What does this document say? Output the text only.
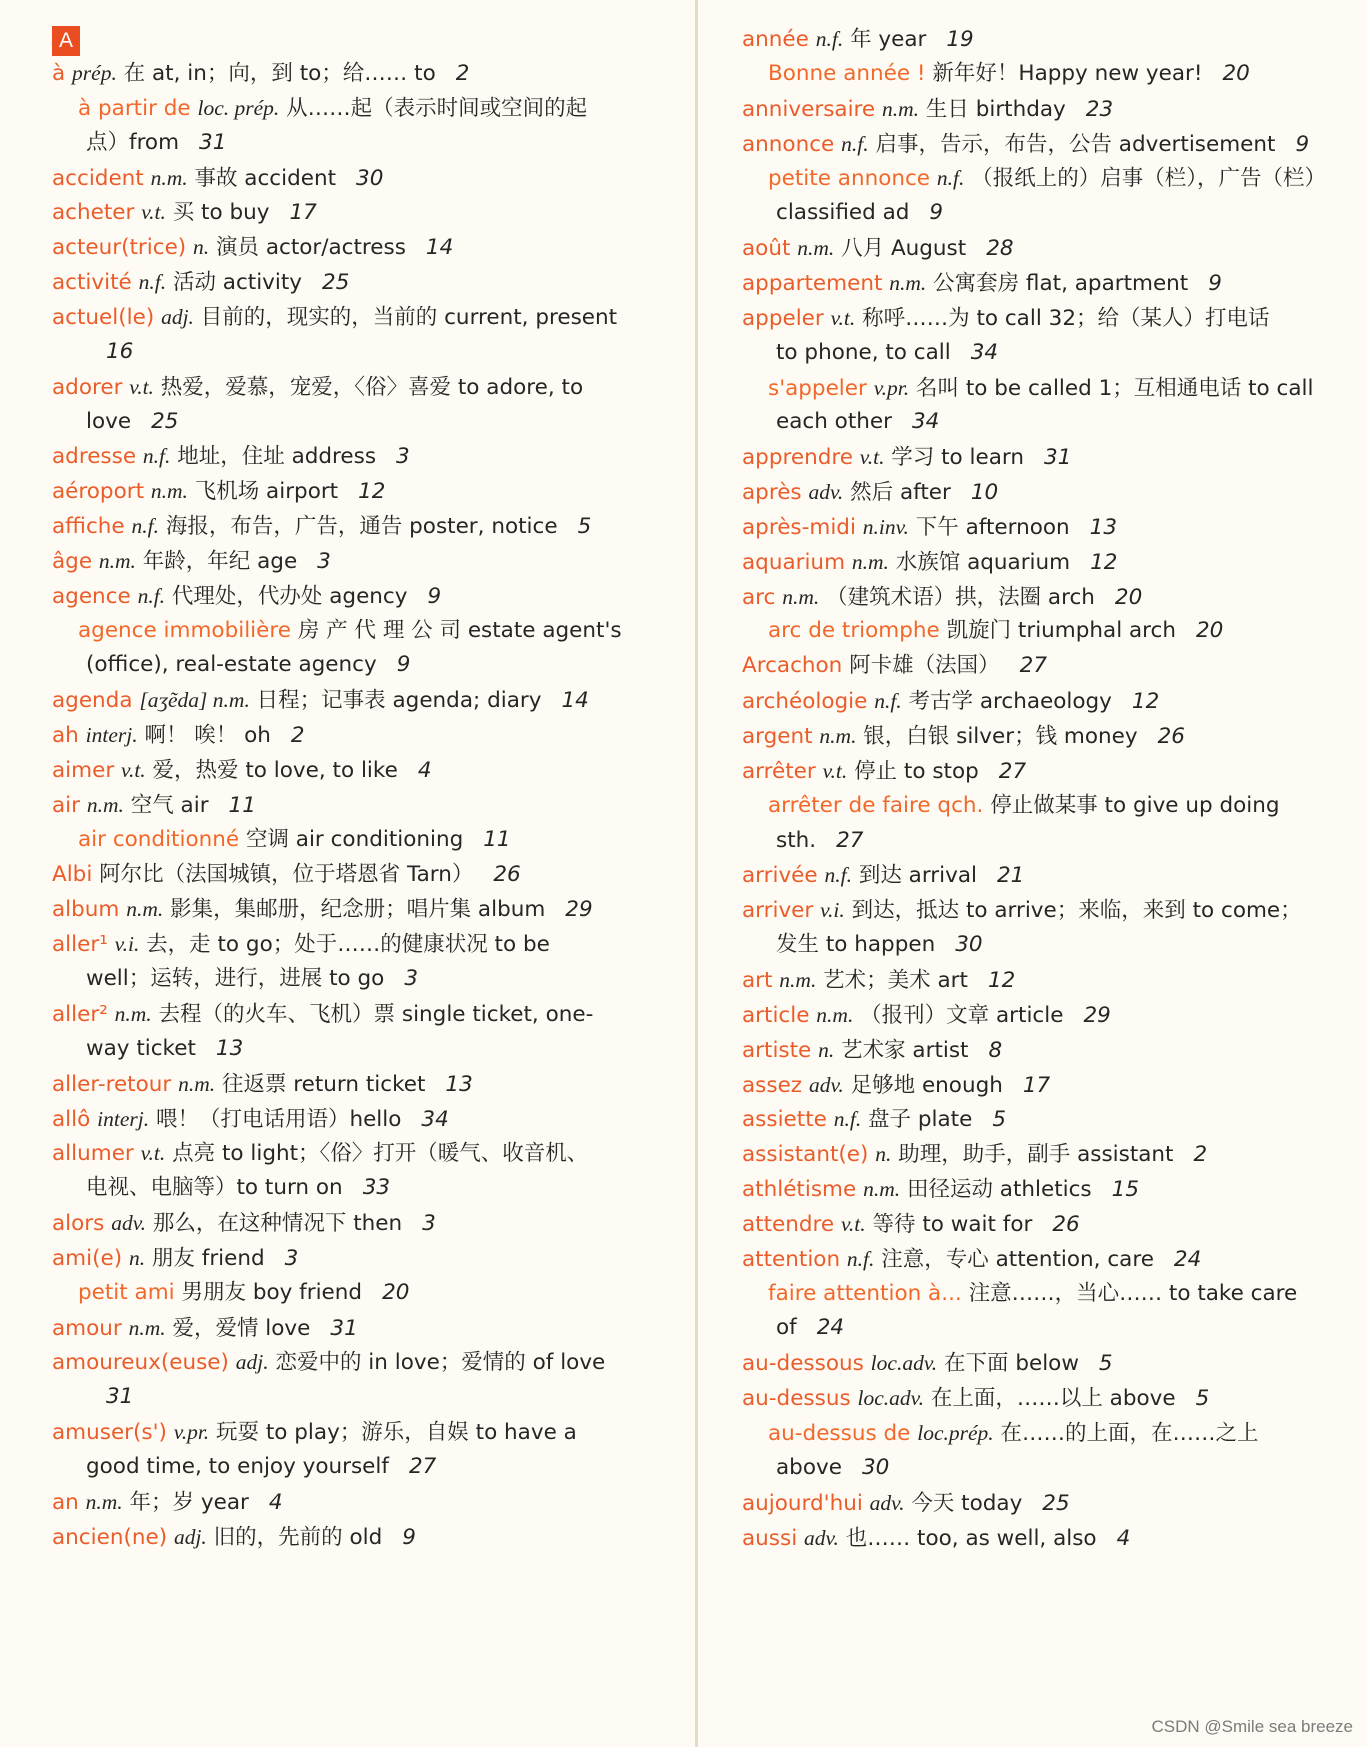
A
à prép. 在 at, in；向，到 to；给…… to 2
à partir de loc. prép. 从……起（表示时间或空间的起
点）from 31
accident n.m. 事故 accident 30
acheter v.t. 买 to buy 17
acteur(trice) n. 演员 actor/actress 14
activité n.f. 活动 activity 25
actuel(le) adj. 目前的，现实的，当前的 current, present
16
adorer v.t. 热爱，爱慕，宠爱，〈俗〉喜爱 to adore, to
love 25
adresse n.f. 地址，住址 address 3
aéroport n.m. 飞机场 airport 12
affiche n.f. 海报，布告，广告，通告 poster, notice 5
âge n.m. 年龄，年纪 age 3
agence n.f. 代理处，代办处 agency 9
agence immobilière 房 产 代 理 公 司 estate agent's
(office), real-estate agency 9
agenda [aʒẽda] n.m. 日程；记事表 agenda; diary 14
ah interj. 啊！ 唉！ oh 2
aimer v.t. 爱，热爱 to love, to like 4
air n.m. 空气 air 11
air conditionné 空调 air conditioning 11
Albi 阿尔比（法国城镇，位于塔恩省 Tarn） 26
album n.m. 影集，集邮册，纪念册；唱片集 album 29
aller¹ v.i. 去，走 to go；处于……的健康状况 to be
well；运转，进行，进展 to go 3
aller² n.m. 去程（的火车、飞机）票 single ticket, one-
way ticket 13
aller-retour n.m. 往返票 return ticket 13
allô interj. 喂！（打电话用语）hello 34
allumer v.t. 点亮 to light；〈俗〉打开（暖气、收音机、
电视、电脑等）to turn on 33
alors adv. 那么，在这种情况下 then 3
ami(e) n. 朋友 friend 3
petit ami 男朋友 boy friend 20
amour n.m. 爱，爱情 love 31
amoureux(euse) adj. 恋爱中的 in love；爱情的 of love
31
amuser(s') v.pr. 玩耍 to play；游乐，自娱 to have a
good time, to enjoy yourself 27
an n.m. 年；岁 year 4
ancien(ne) adj. 旧的，先前的 old 9
année n.f. 年 year 19
Bonne année ! 新年好！Happy new year! 20
anniversaire n.m. 生日 birthday 23
annonce n.f. 启事，告示，布告，公告 advertisement 9
petite annonce n.f. （报纸上的）启事（栏），广告（栏）
classified ad 9
août n.m. 八月 August 28
appartement n.m. 公寓套房 flat, apartment 9
appeler v.t. 称呼……为 to call 32；给（某人）打电话
to phone, to call 34
s'appeler v.pr. 名叫 to be called 1；互相通电话 to call
each other 34
apprendre v.t. 学习 to learn 31
après adv. 然后 after 10
après-midi n.inv. 下午 afternoon 13
aquarium n.m. 水族馆 aquarium 12
arc n.m. （建筑术语）拱，法圈 arch 20
arc de triomphe 凯旋门 triumphal arch 20
Arcachon 阿卡雄（法国） 27
archéologie n.f. 考古学 archaeology 12
argent n.m. 银，白银 silver；钱 money 26
arrêter v.t. 停止 to stop 27
arrêter de faire qch. 停止做某事 to give up doing
sth. 27
arrivée n.f. 到达 arrival 21
arriver v.i. 到达，抵达 to arrive；来临，来到 to come；
发生 to happen 30
art n.m. 艺术；美术 art 12
article n.m. （报刊）文章 article 29
artiste n. 艺术家 artist 8
assez adv. 足够地 enough 17
assiette n.f. 盘子 plate 5
assistant(e) n. 助理，助手，副手 assistant 2
athlétisme n.m. 田径运动 athletics 15
attendre v.t. 等待 to wait for 26
attention n.f. 注意，专心 attention, care 24
faire attention à... 注意……，当心…… to take care
of 24
au-dessous loc.adv. 在下面 below 5
au-dessus loc.adv. 在上面，……以上 above 5
au-dessus de loc.prép. 在……的上面，在……之上
above 30
aujourd'hui adv. 今天 today 25
aussi adv. 也…… too, as well, also 4
CSDN @Smile sea breeze
